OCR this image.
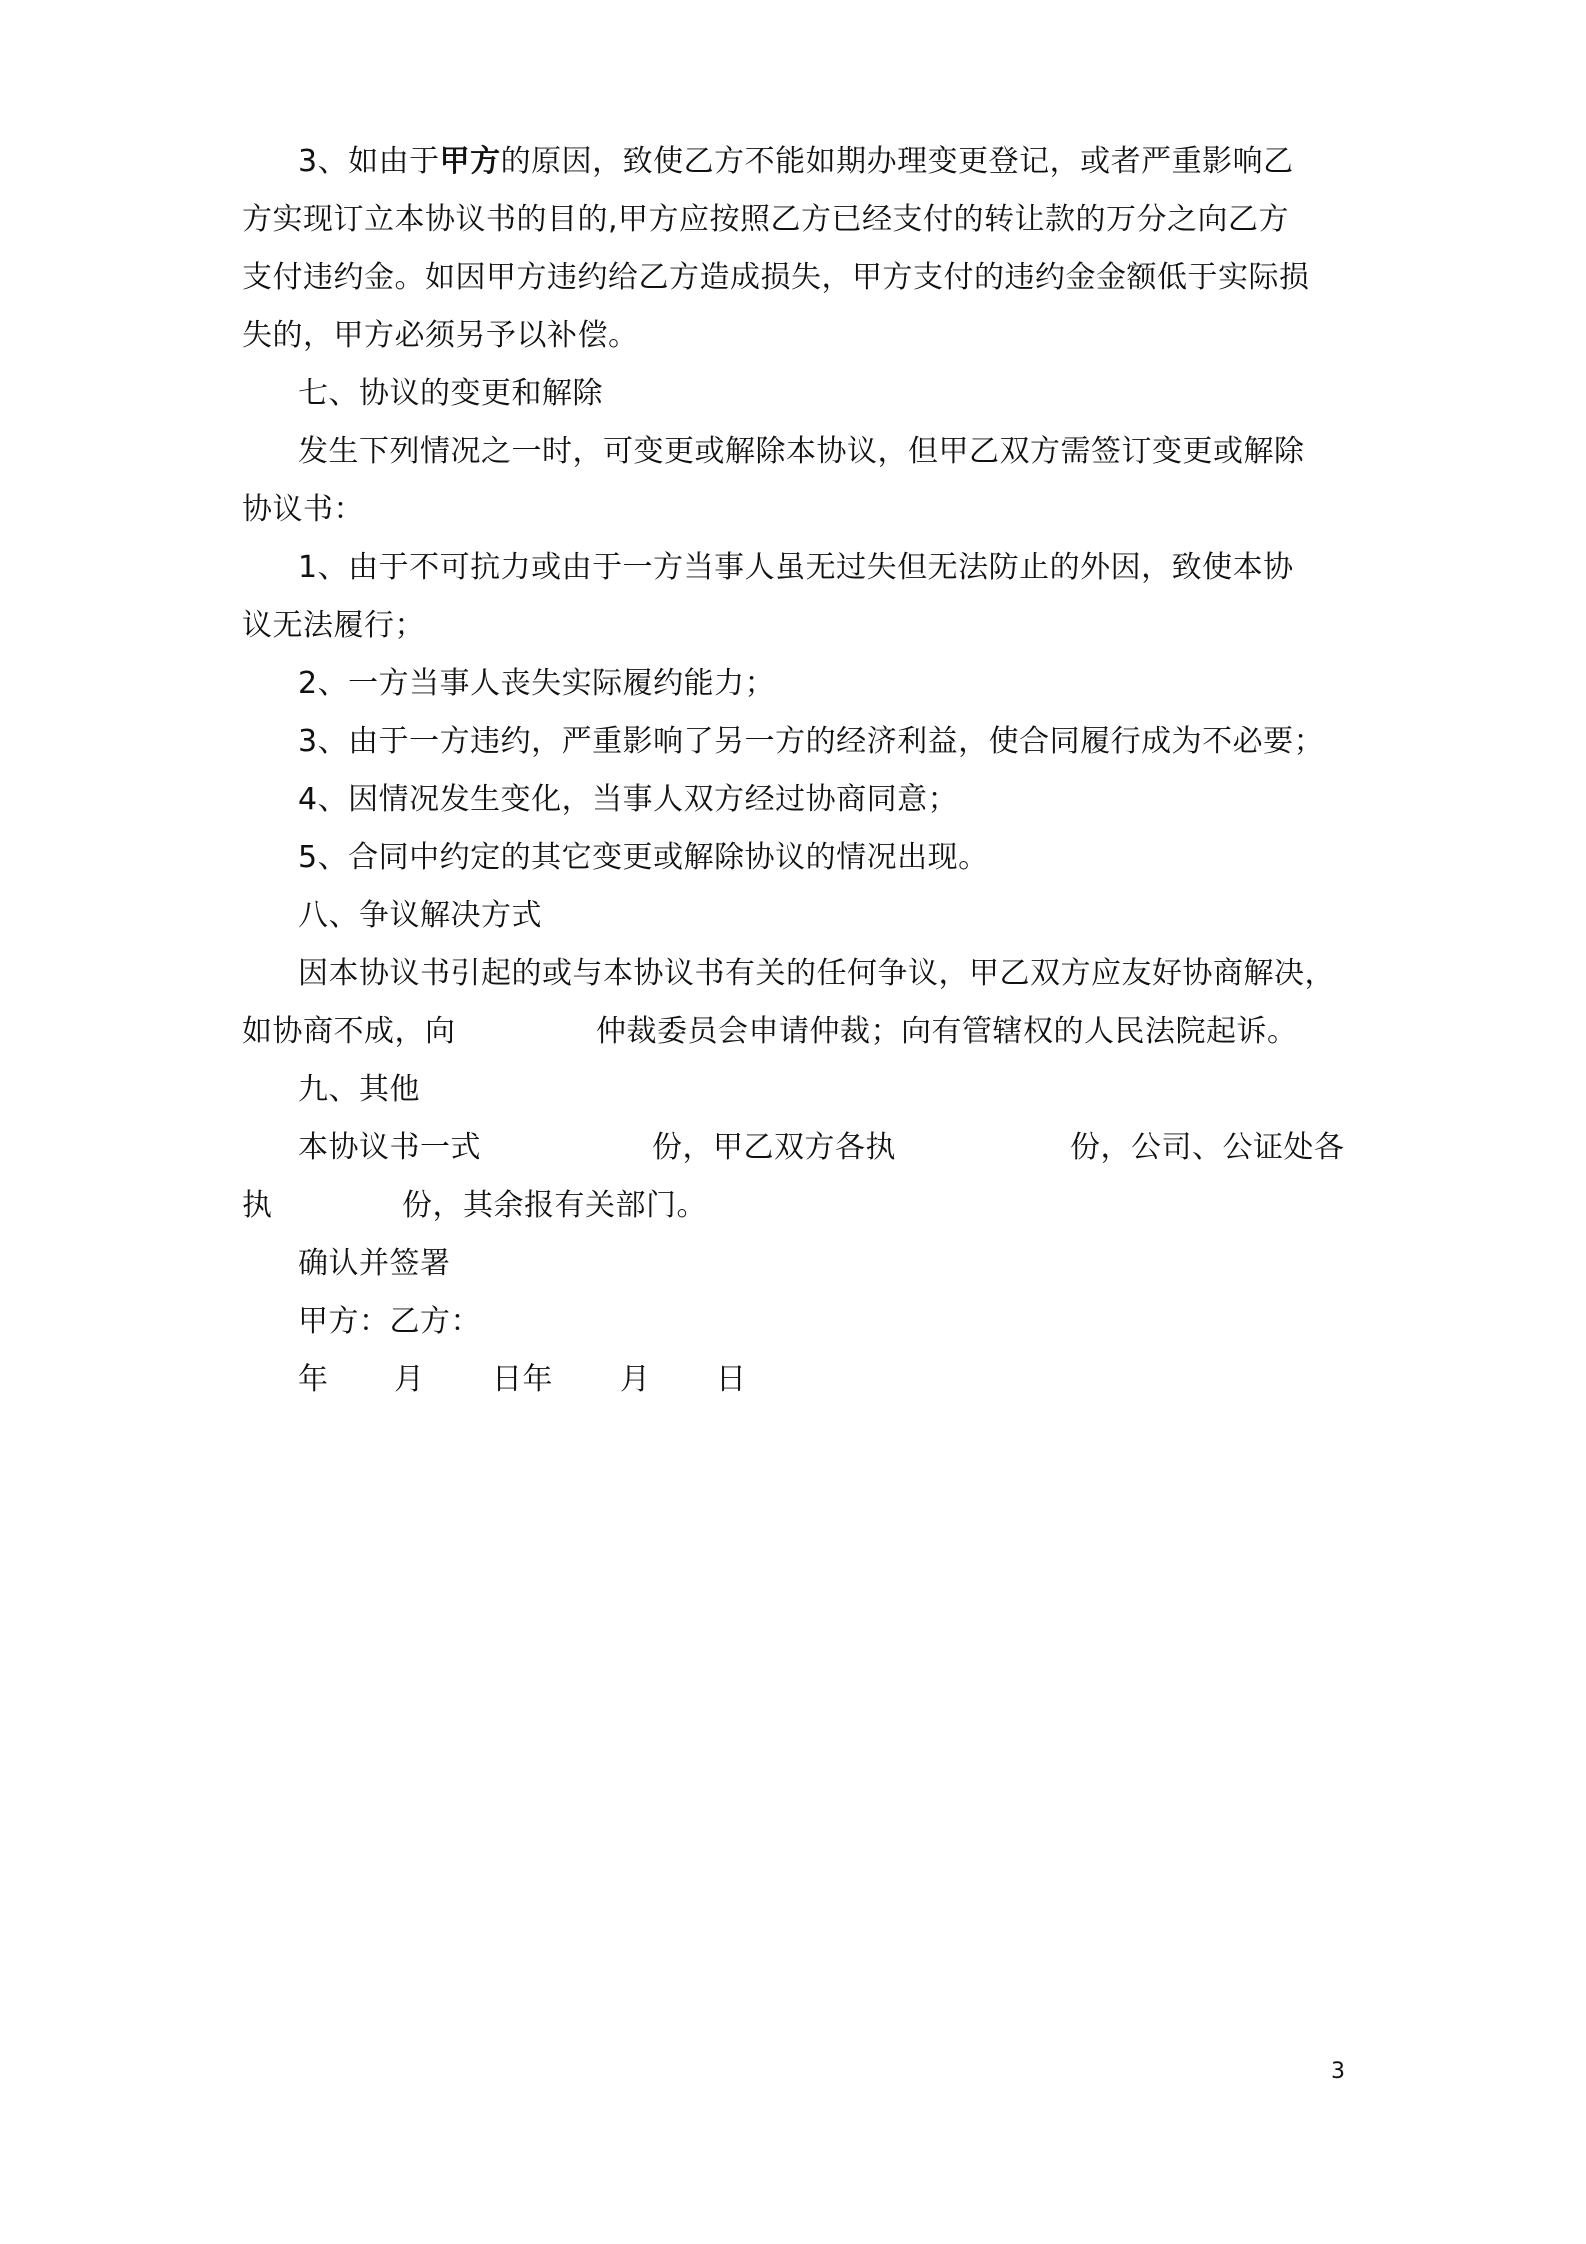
3、如由于甲方的原因，致使乙方不能如期办理变更登记，或者严重影响乙
方实现订立本协议书的目的,甲方应按照乙方已经支付的转让款的万分之向乙方
支付违约金。如因甲方违约给乙方造成损失，甲方支付的违约金金额低于实际损
失的，甲方必须另予以补偿。
七、协议的变更和解除
发生下列情况之一时，可变更或解除本协议，但甲乙双方需签订变更或解除
协议书：
1、由于不可抗力或由于一方当事人虽无过失但无法防止的外因，致使本协
议无法履行；
2、一方当事人丧失实际履约能力；
3、由于一方违约，严重影响了另一方的经济利益，使合同履行成为不必要；
4、因情况发生变化，当事人双方经过协商同意；
5、合同中约定的其它变更或解除协议的情况出现。
八、争议解决方式
因本协议书引起的或与本协议书有关的任何争议，甲乙双方应友好协商解决，
如协商不成，向	仲裁委员会申请仲裁；向有管辖权的人民法院起诉。
九、其他
本协议书一式	份，甲乙双方各执	份，公司、公证处各
执	份，其余报有关部门。
确认并签署
甲方：乙方：
年 月 日年 月 日
3
